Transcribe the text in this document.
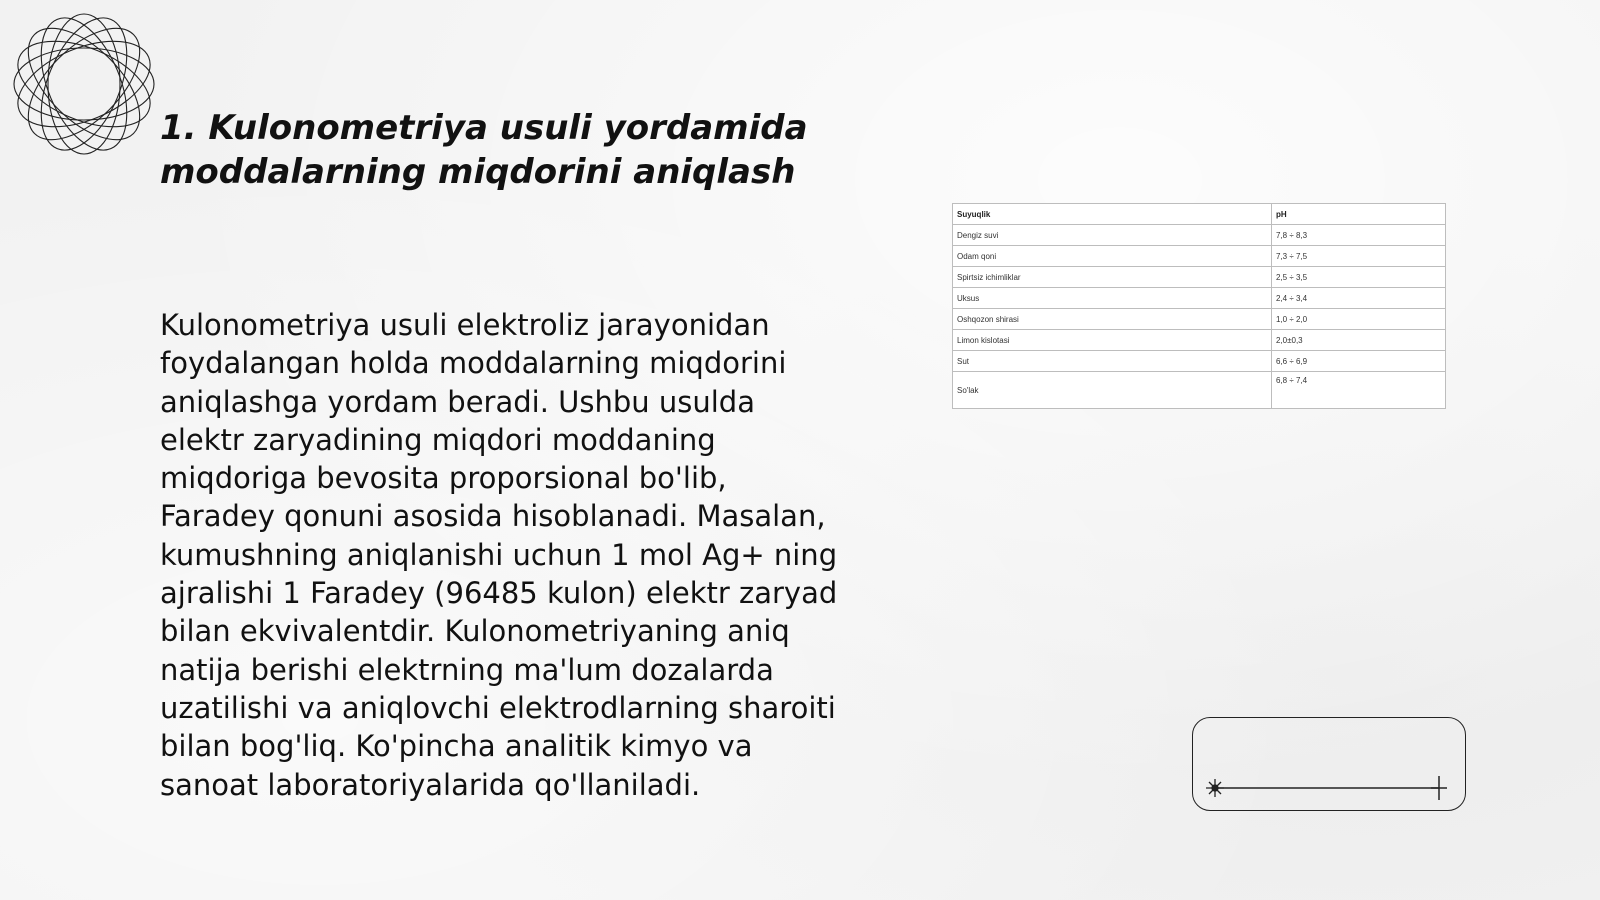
1. Kulonometriya usuli yordamida moddalarning miqdorini aniqlash

Kulonometriya usuli elektroliz jarayonidan foydalangan holda moddalarning miqdorini aniqlashga yordam beradi. Ushbu usulda elektr zaryadining miqdori moddaning miqdoriga bevosita proporsional bo'lib, Faradey qonuni asosida hisoblanadi. Masalan, kumushning aniqlanishi uchun 1 mol Ag+ ning ajralishi 1 Faradey (96485 kulon) elektr zaryad bilan ekvivalentdir. Kulonometriyaning aniq natija berishi elektrning ma'lum dozalarda uzatilishi va aniqlovchi elektrodlarning sharoiti bilan bog'liq. Ko'pincha analitik kimyo va sanoat laboratoriyalarida qo'llaniladi.

Suyuqlik	pH
Dengiz suvi	7,8 ÷ 8,3
Odam qoni	7,3 ÷ 7,5
Spirtsiz ichimliklar	2,5 ÷ 3,5
Uksus	2,4 ÷ 3,4
Oshqozon shirasi	1,0 ÷ 2,0
Limon kislotasi	2,0±0,3
Sut	6,6 ÷ 6,9
So'lak	6,8 ÷ 7,4
